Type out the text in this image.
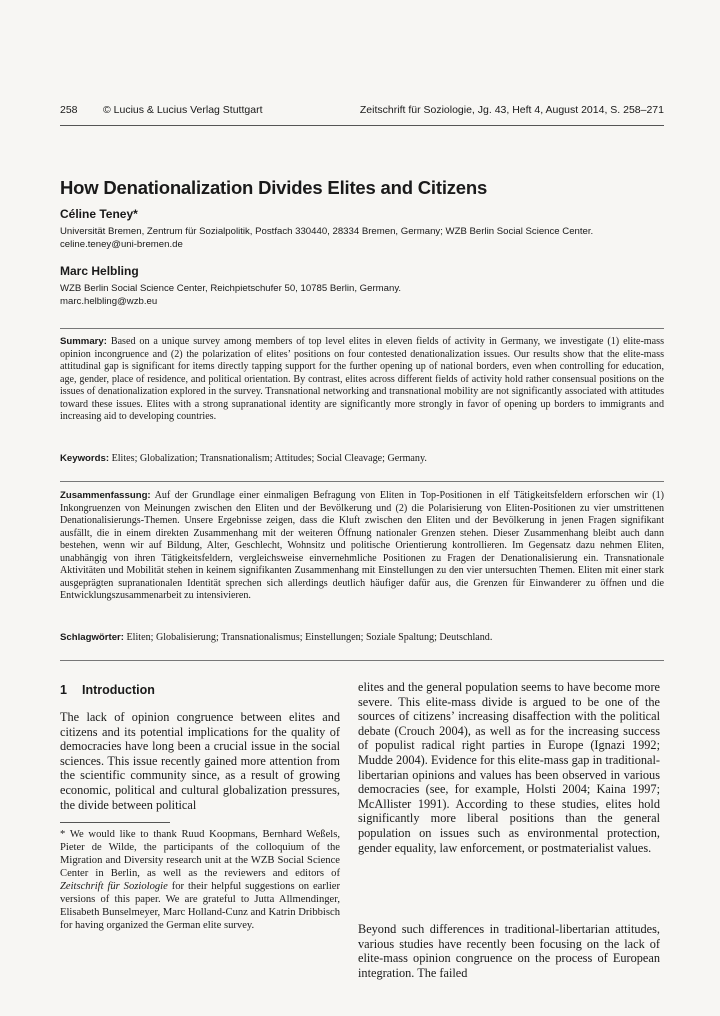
258 © Lucius & Lucius Verlag Stuttgart	Zeitschrift für Soziologie, Jg. 43, Heft 4, August 2014, S. 258–271
How Denationalization Divides Elites and Citizens

Céline Teney*

Universität Bremen, Zentrum für Sozialpolitik, Postfach 330440, 28334 Bremen, Germany; WZB Berlin Social Science Center.
celine.teney@uni-bremen.de

Marc Helbling

WZB Berlin Social Science Center, Reichpietschufer 50, 10785 Berlin, Germany.
marc.helbling@wzb.eu

Summary: Based on a unique survey among members of top level elites in eleven fields of activity in Germany, we investigate (1) elite-mass opinion incongruence and (2) the polarization of elites’ positions on four contested denationalization issues. Our results show that the elite-mass attitudinal gap is significant for items directly tapping support for the further opening up of national borders, even when controlling for education, age, gender, place of residence, and political orientation. By contrast, elites across different fields of activity hold rather consensual positions on the issues of denationalization explored in the survey. Transnational networking and transnational mobility are not significantly associated with attitudes toward these issues. Elites with a strong supranational identity are significantly more strongly in favor of opening up borders to immigrants and increasing aid to developing countries.

Keywords: Elites; Globalization; Transnationalism; Attitudes; Social Cleavage; Germany.

Zusammenfassung: Auf der Grundlage einer einmaligen Befragung von Eliten in Top-Positionen in elf Tätigkeitsfeldern erforschen wir (1) Inkongruenzen von Meinungen zwischen den Eliten und der Bevölkerung und (2) die Polarisierung von Eliten-Positionen zu vier umstrittenen Denationalisierungs-Themen. Unsere Ergebnisse zeigen, dass die Kluft zwischen den Eliten und der Bevölkerung in jenen Fragen signifikant ausfällt, die in einem direkten Zusammenhang mit der weiteren Öffnung nationaler Grenzen stehen. Dieser Zusammenhang bleibt auch dann bestehen, wenn wir auf Bildung, Alter, Geschlecht, Wohnsitz und politische Orientierung kontrollieren. Im Gegensatz dazu nehmen Eliten, unabhängig von ihren Tätigkeitsfeldern, vergleichsweise einvernehmliche Positionen zu Fragen der Denationalisierung ein. Transnationale Aktivitäten und Mobilität stehen in keinem signifikanten Zusammenhang mit Einstellungen zu den vier untersuchten Themen. Eliten mit einer stark ausgeprägten supranationalen Identität sprechen sich allerdings deutlich häufiger dafür aus, die Grenzen für Einwanderer zu öffnen und die Entwicklungszusammenarbeit zu intensivieren.

Schlagwörter: Eliten; Globalisierung; Transnationalismus; Einstellungen; Soziale Spaltung; Deutschland.

1 Introduction

The lack of opinion congruence between elites and citizens and its potential implications for the quality of democracies have long been a crucial issue in the social sciences. This issue recently gained more attention from the scientific community since, as a result of growing economic, political and cultural globalization pressures, the divide between political

* We would like to thank Ruud Koopmans, Bernhard Weßels, Pieter de Wilde, the participants of the colloquium of the Migration and Diversity research unit at the WZB Social Science Center in Berlin, as well as the reviewers and editors of Zeitschrift für Soziologie for their helpful suggestions on earlier versions of this paper. We are grateful to Jutta Allmendinger, Elisabeth Bunselmeyer, Marc Holland-Cunz and Katrin Dribbisch for having organized the German elite survey.

elites and the general population seems to have become more severe. This elite-mass divide is argued to be one of the sources of citizens’ increasing disaffection with the political debate (Crouch 2004), as well as for the increasing success of populist radical right parties in Europe (Ignazi 1992; Mudde 2004). Evidence for this elite-mass gap in traditional-libertarian opinions and values has been observed in various democracies (see, for example, Holsti 2004; Kaina 1997; McAllister 1991). According to these studies, elites hold significantly more liberal positions than the general population on issues such as environmental protection, gender equality, law enforcement, or postmaterialist values.

Beyond such differences in traditional-libertarian attitudes, various studies have recently been focusing on the lack of elite-mass opinion congruence on the process of European integration. The failed
